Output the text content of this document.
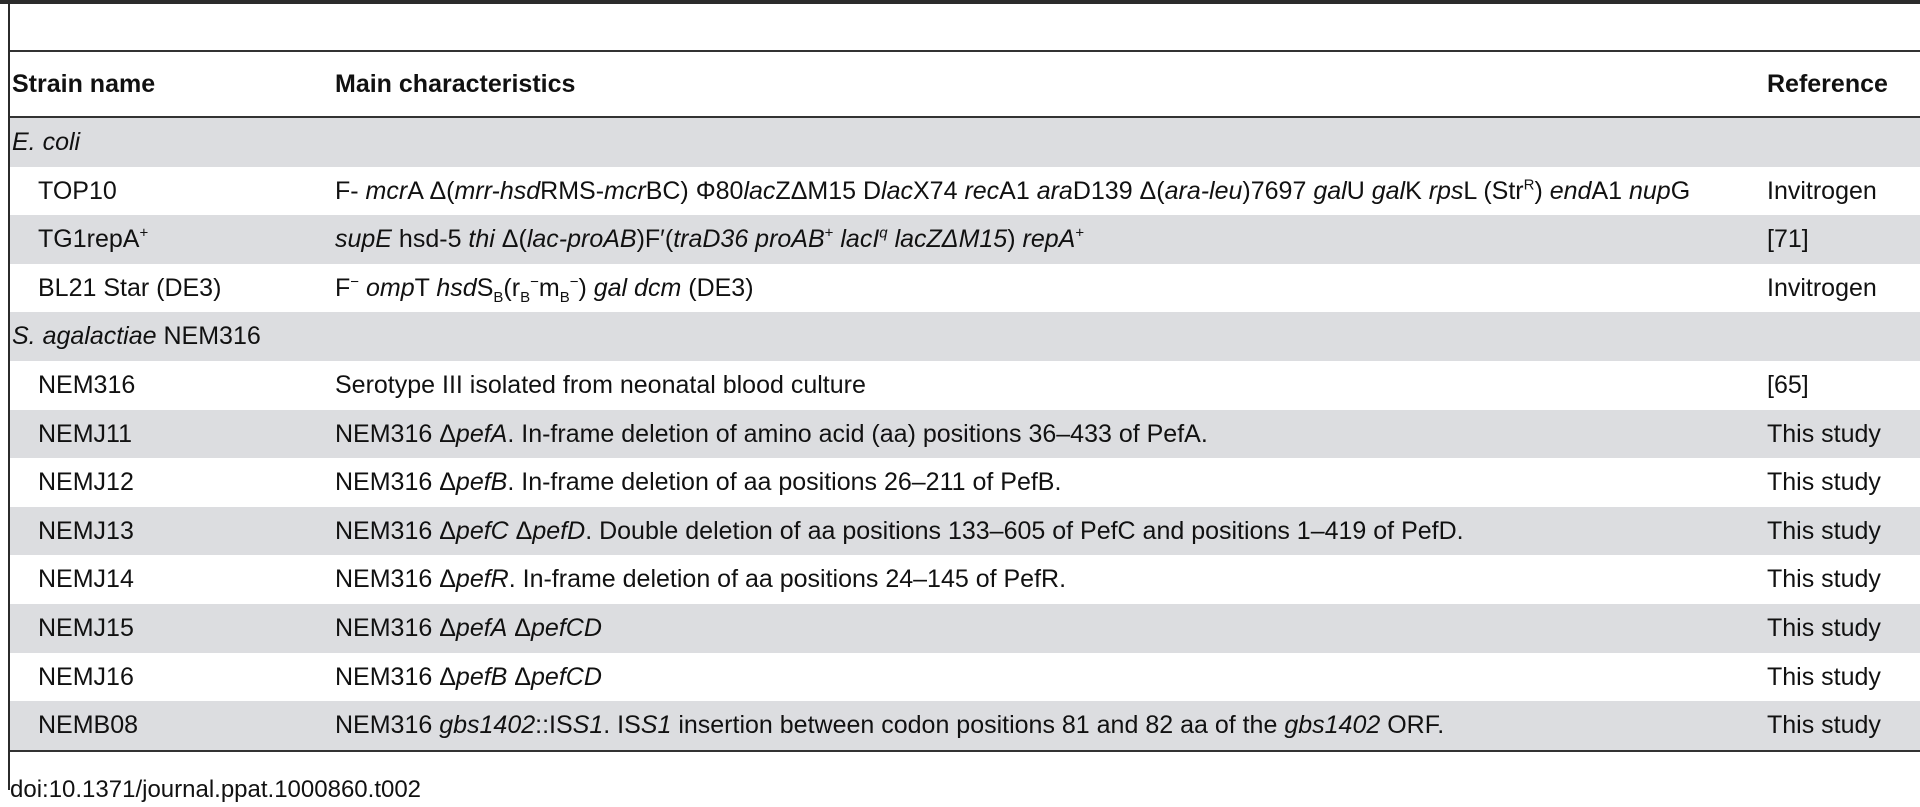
Strain name	Main characteristics	Reference
E. coli
TOP10	F- mcrA Δ(mrr-hsdRMS-mcrBC) Φ80lacZΔM15 DlacX74 recA1 araD139 Δ(ara-leu)7697 galU galK rpsL (Str$^R$) endA1 nupG	Invitrogen
TG1repA+	supE hsd-5 thi Δ(lac-proAB)F′(traD36 proAB+ lacI$^q$ lacZΔM15) repA+	[71]
BL21 Star (DE3)	F− ompT $hsdS_B(r_B^-m_B^-)$ gal dcm (DE3)	Invitrogen
S. agalactiae NEM316
NEM316	Serotype III isolated from neonatal blood culture	[65]
NEMJ11	NEM316 ΔpefA. In-frame deletion of amino acid (aa) positions 36–433 of PefA.	This study
NEMJ12	NEM316 ΔpefB. In-frame deletion of aa positions 26–211 of PefB.	This study
NEMJ13	NEM316 ΔpefC ΔpefD. Double deletion of aa positions 133–605 of PefC and positions 1–419 of PefD.	This study
NEMJ14	NEM316 ΔpefR. In-frame deletion of aa positions 24–145 of PefR.	This study
NEMJ15	NEM316 ΔpefA ΔpefCD	This study
NEMJ16	NEM316 ΔpefB ΔpefCD	This study
NEMB08	NEM316 gbs1402::ISS1. ISS1 insertion between codon positions 81 and 82 aa of the gbs1402 ORF.	This study
doi:10.1371/journal.ppat.1000860.t002
